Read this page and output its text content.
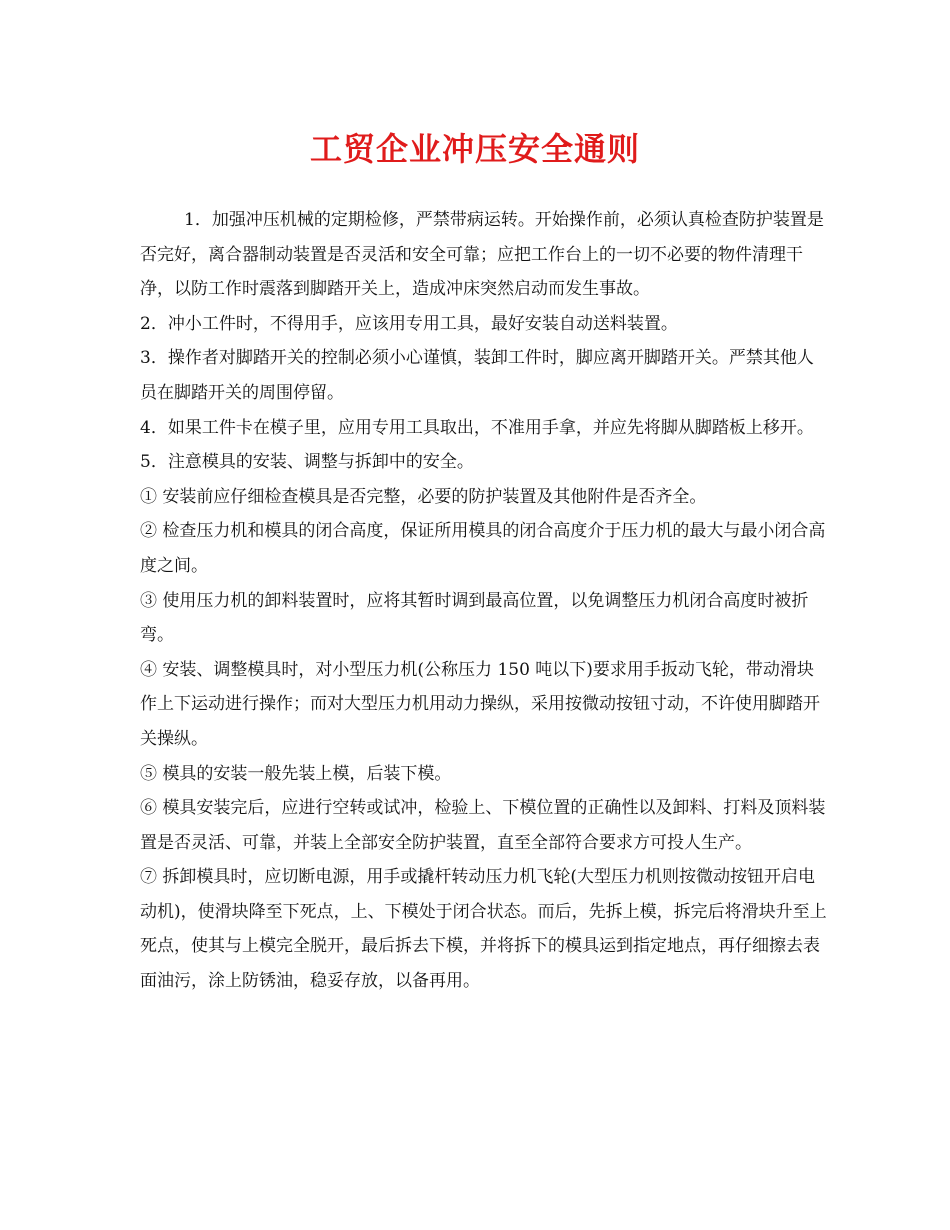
工贸企业冲压安全通则

1．加强冲压机械的定期检修，严禁带病运转。开始操作前，必须认真检查防护装置是否完好，离合器制动装置是否灵活和安全可靠；应把工作台上的一切不必要的物件清理干净，以防工作时震落到脚踏开关上，造成冲床突然启动而发生事故。

2．冲小工件时，不得用手，应该用专用工具，最好安装自动送料装置。

3．操作者对脚踏开关的控制必须小心谨慎，装卸工件时，脚应离开脚踏开关。严禁其他人员在脚踏开关的周围停留。

4．如果工件卡在模子里，应用专用工具取出，不准用手拿，并应先将脚从脚踏板上移开。

5．注意模具的安装、调整与拆卸中的安全。

① 安装前应仔细检查模具是否完整，必要的防护装置及其他附件是否齐全。

② 检查压力机和模具的闭合高度，保证所用模具的闭合高度介于压力机的最大与最小闭合高度之间。

③ 使用压力机的卸料装置时，应将其暂时调到最高位置，以免调整压力机闭合高度时被折弯。

④ 安装、调整模具时，对小型压力机(公称压力 150 吨以下)要求用手扳动飞轮，带动滑块作上下运动进行操作；而对大型压力机用动力操纵，采用按微动按钮寸动，不许使用脚踏开关操纵。

⑤ 模具的安装一般先装上模，后装下模。

⑥ 模具安装完后，应进行空转或试冲，检验上、下模位置的正确性以及卸料、打料及顶料装置是否灵活、可靠，并装上全部安全防护装置，直至全部符合要求方可投人生产。

⑦ 拆卸模具时，应切断电源，用手或撬杆转动压力机飞轮(大型压力机则按微动按钮开启电动机)，使滑块降至下死点，上、下模处于闭合状态。而后，先拆上模，拆完后将滑块升至上死点，使其与上模完全脱开，最后拆去下模，并将拆下的模具运到指定地点，再仔细擦去表面油污，涂上防锈油，稳妥存放，以备再用。
